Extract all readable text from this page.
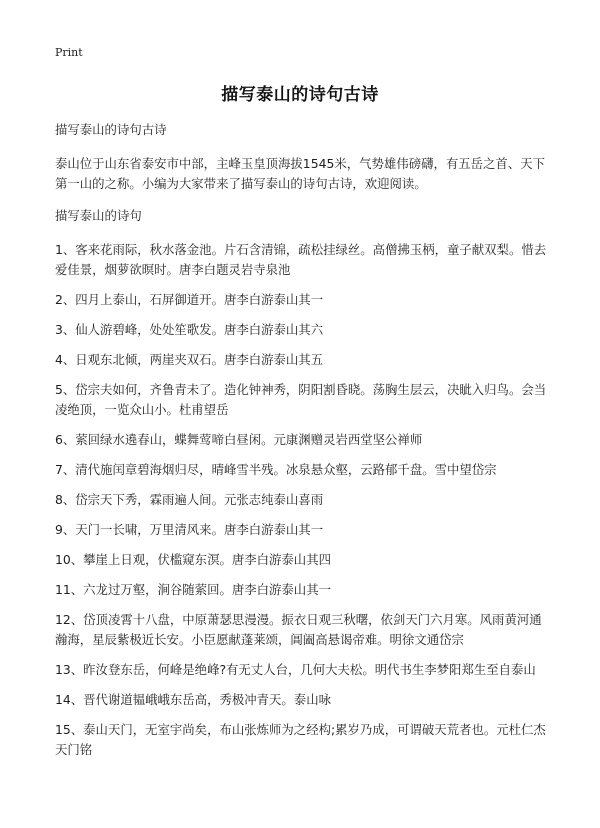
Print
描写泰山的诗句古诗
描写泰山的诗句古诗
泰山位于山东省泰安市中部，主峰玉皇顶海拔1545米，气势雄伟磅礴，有五岳之首、天下第一山的之称。小编为大家带来了描写泰山的诗句古诗，欢迎阅读。
描写泰山的诗句
1、客来花雨际，秋水落金池。片石含清锦，疏松挂绿丝。高僧拂玉柄，童子献双梨。惜去爱佳景，烟萝欲暝时。唐李白题灵岩寺泉池
2、四月上泰山，石屏御道开。唐李白游泰山其一
3、仙人游碧峰，处处笙歌发。唐李白游泰山其六
4、日观东北倾，两崖夹双石。唐李白游泰山其五
5、岱宗夫如何，齐鲁青未了。造化钟神秀，阴阳割昏晓。荡胸生层云，决眦入归鸟。会当凌绝顶，一览众山小。杜甫望岳
6、萦回绿水遶春山，蝶舞莺啼白昼闲。元康渊赠灵岩西堂坚公禅师
7、清代施闰章碧海烟归尽，晴峰雪半残。冰泉悬众壑，云路郁千盘。雪中望岱宗
8、岱宗天下秀，霖雨遍人间。元张志纯泰山喜雨
9、天门一长啸，万里清风来。唐李白游泰山其一
10、攀崖上日观，伏槛窥东溟。唐李白游泰山其四
11、六龙过万壑，涧谷随萦回。唐李白游泰山其一
12、岱顶凌霄十八盘，中原萧瑟思漫漫。振衣日观三秋曙，依剑天门六月寒。风雨黄河通瀚海，星辰紫极近长安。小臣愿献蓬莱颂，阊阖高悬谒帝难。明徐文通岱宗
13、昨汝登东岳，何峰是绝峰?有无丈人台，几何大夫松。明代书生李梦阳郑生至自泰山
14、晋代谢道韫峨峨东岳高，秀极冲青天。泰山咏
15、泰山天门，无室宇尚矣，布山张炼师为之经构;累岁乃成，可谓破天荒者也。元杜仁杰天门铭
